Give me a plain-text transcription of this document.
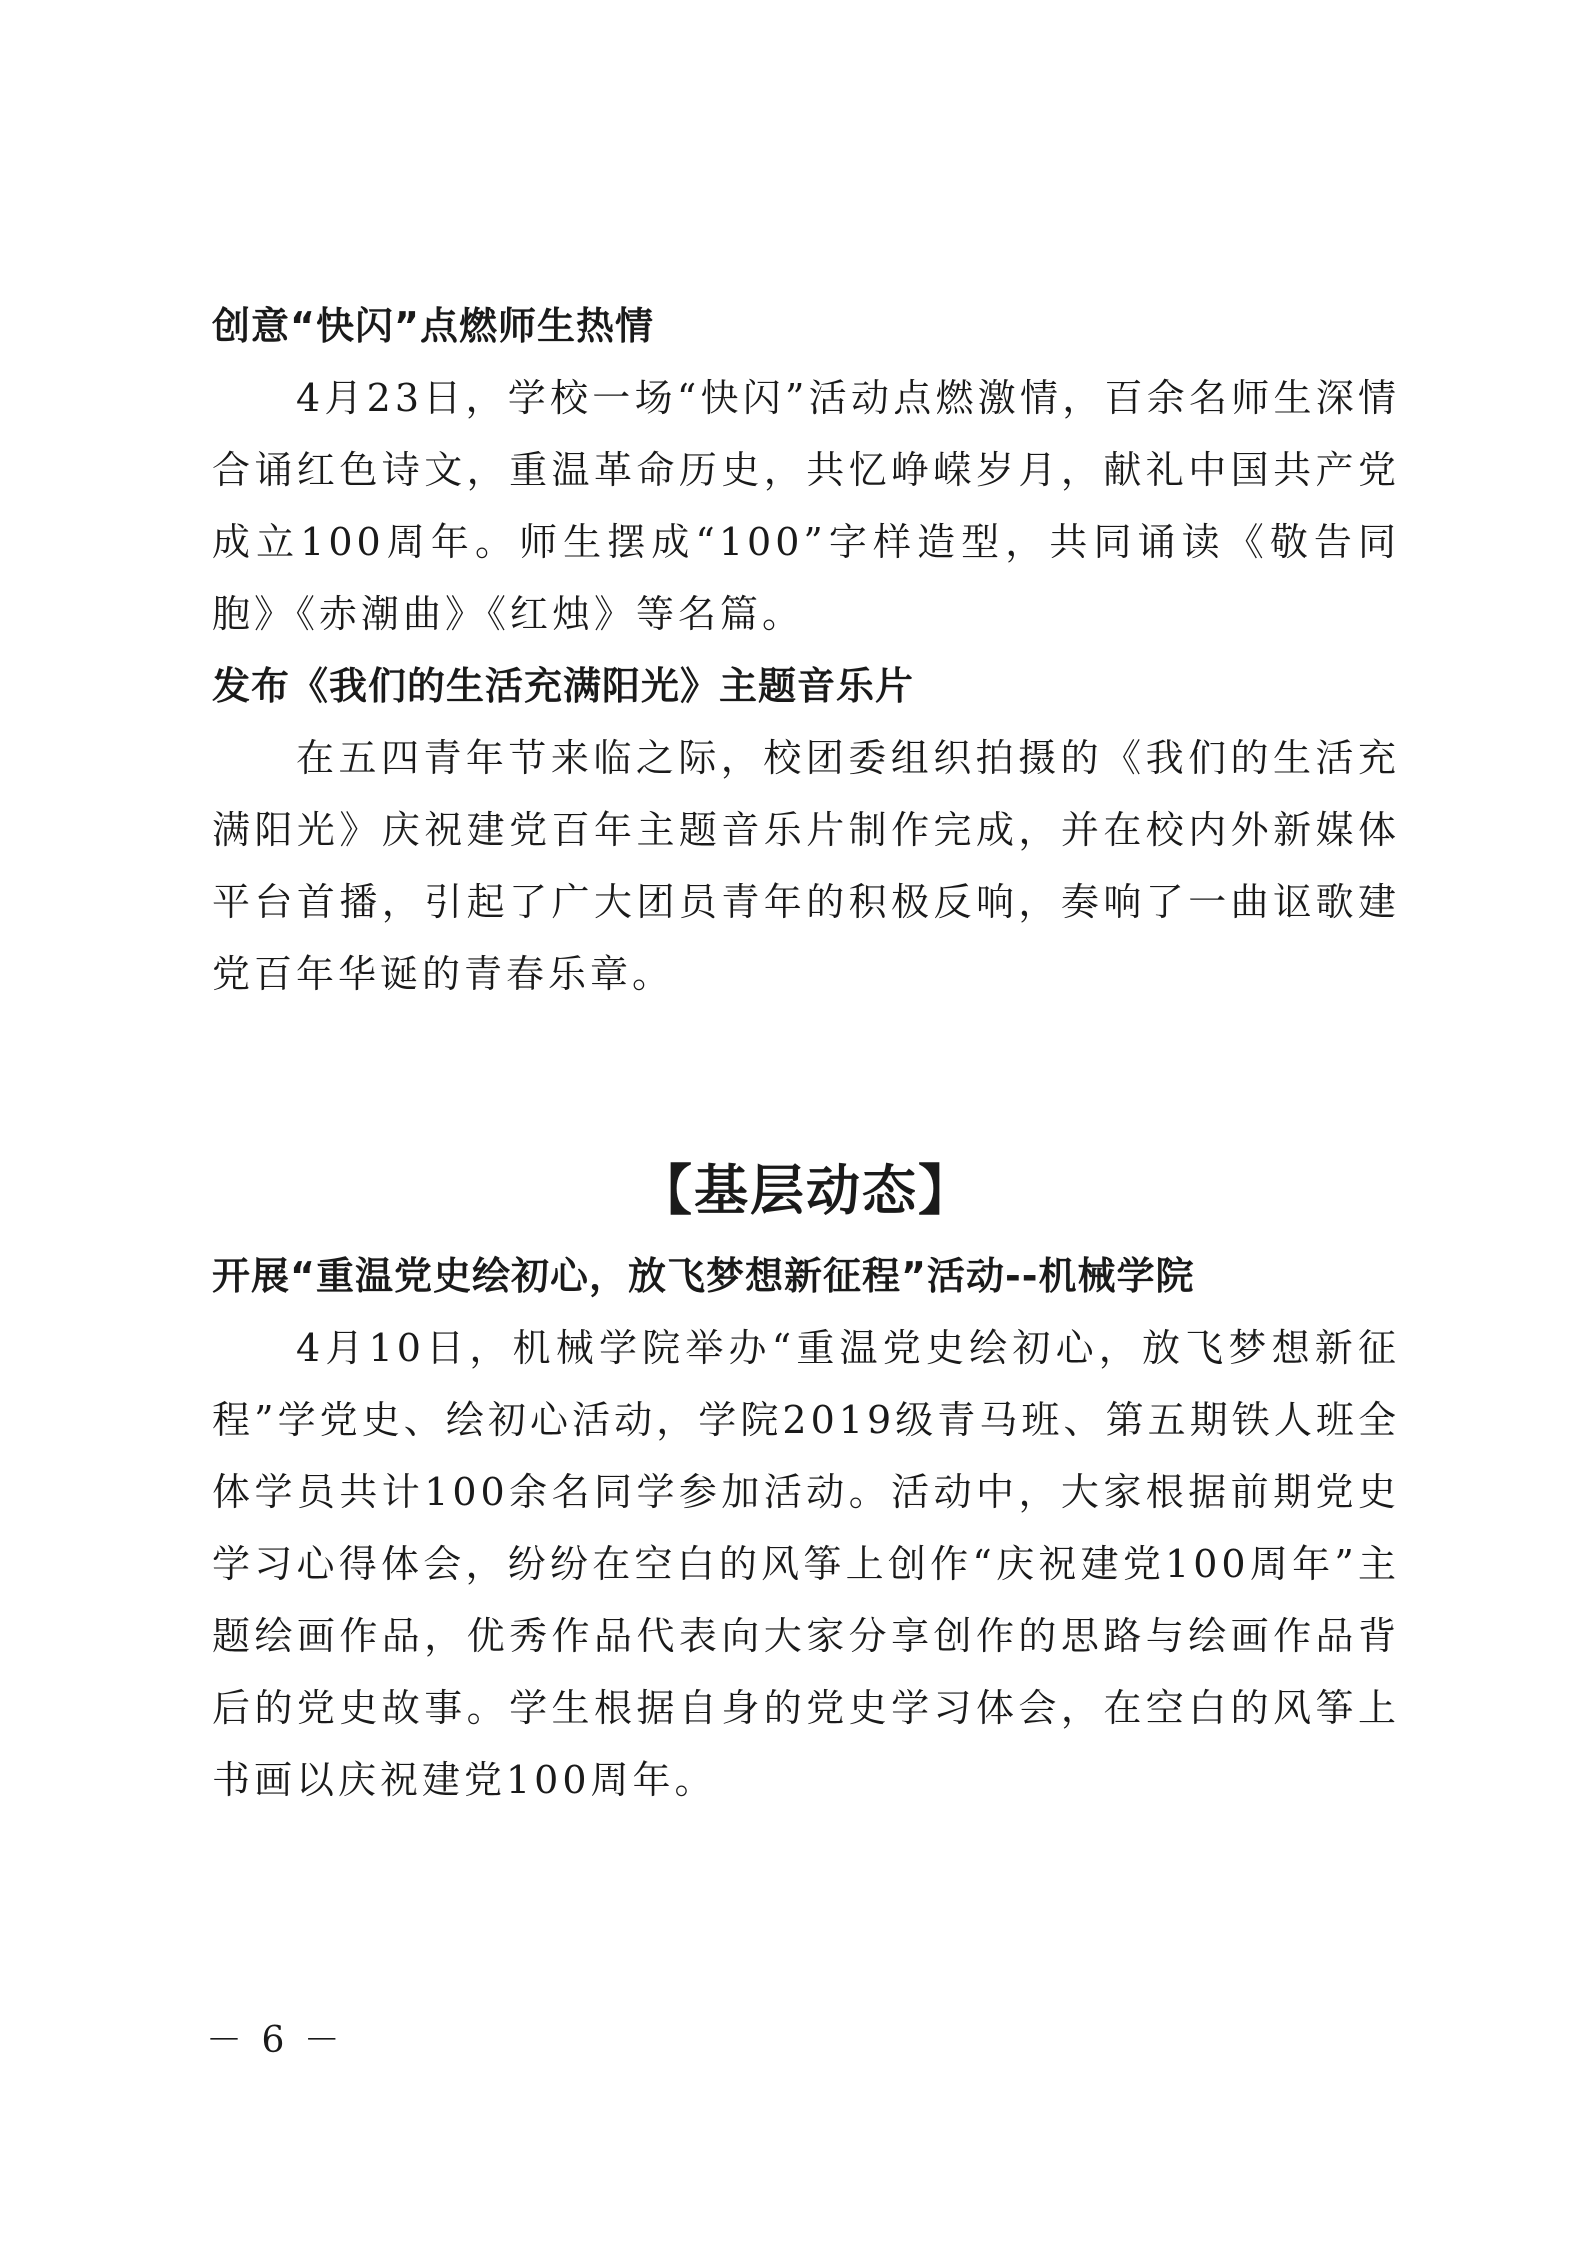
创意“快闪”点燃师生热情

4月23日，学校一场“快闪”活动点燃激情，百余名师生深情合诵红色诗文，重温革命历史，共忆峥嵘岁月，献礼中国共产党成立100周年。师生摆成“100”字样造型，共同诵读《敬告同胞》《赤潮曲》《红烛》等名篇。

发布《我们的生活充满阳光》主题音乐片

在五四青年节来临之际，校团委组织拍摄的《我们的生活充满阳光》庆祝建党百年主题音乐片制作完成，并在校内外新媒体平台首播，引起了广大团员青年的积极反响，奏响了一曲讴歌建党百年华诞的青春乐章。

【基层动态】

开展“重温党史绘初心，放飞梦想新征程”活动--机械学院

4月10日，机械学院举办“重温党史绘初心，放飞梦想新征程”学党史、绘初心活动，学院2019级青马班、第五期铁人班全体学员共计100余名同学参加活动。活动中，大家根据前期党史学习心得体会，纷纷在空白的风筝上创作“庆祝建党100周年”主题绘画作品，优秀作品代表向大家分享创作的思路与绘画作品背后的党史故事。学生根据自身的党史学习体会，在空白的风筝上书画以庆祝建党100周年。

－ 6 －
